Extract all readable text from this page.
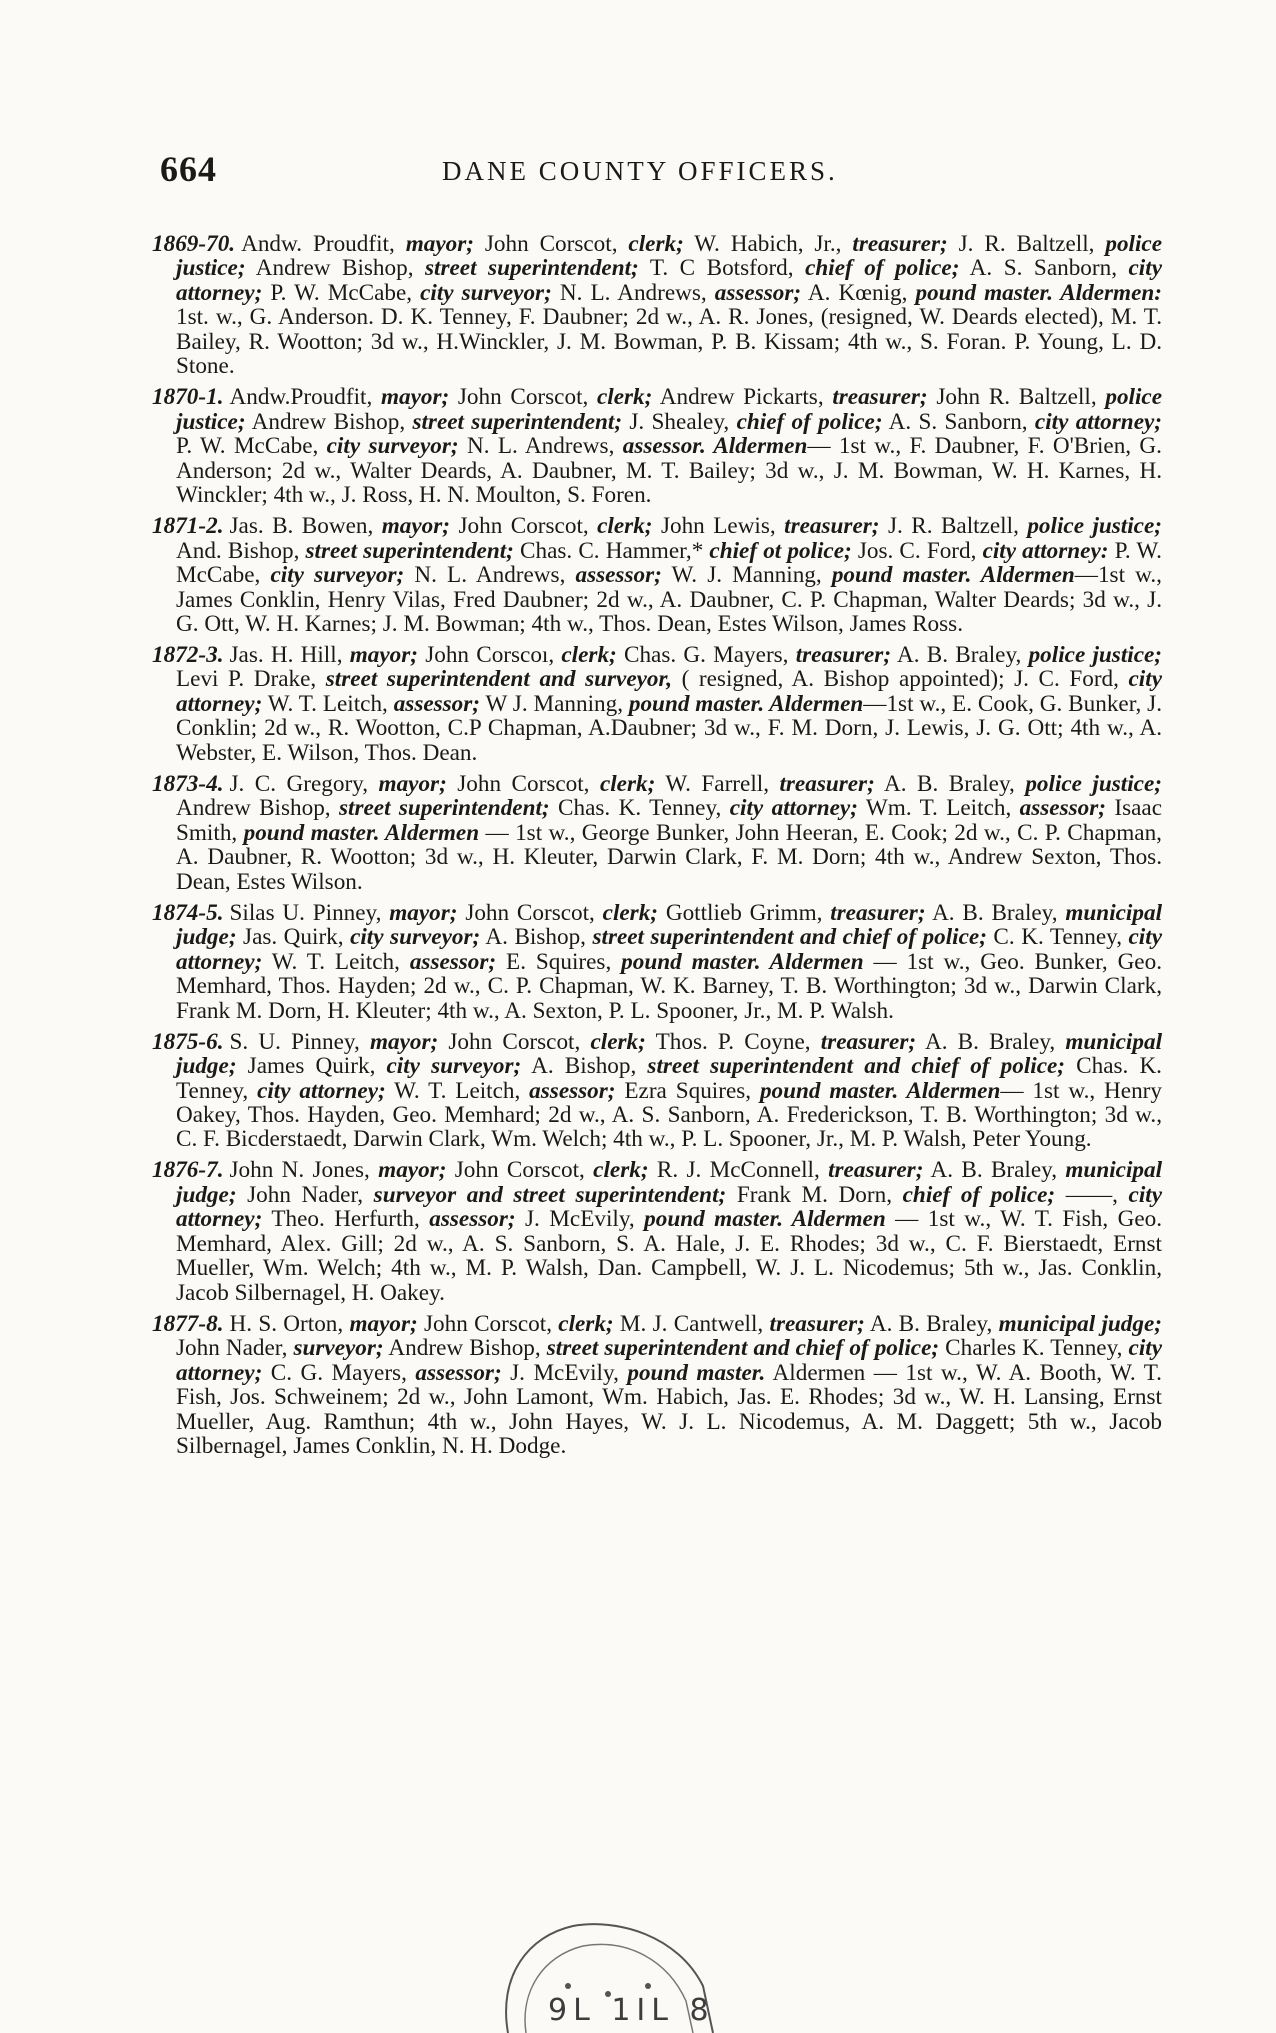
664	DANE COUNTY OFFICERS.

1869-70. Andw. Proudfit, mayor; John Corscot, clerk; W. Habich, Jr., treasurer; J. R. Baltzell, police justice; Andrew Bishop, street superintendent; T. C Botsford, chief of police; A. S. Sanborn, city attorney; P. W. McCabe, city surveyor; N. L. Andrews, assessor; A. Kœnig, pound master. Aldermen: 1st. w., G. Anderson. D. K. Tenney, F. Daubner; 2d w., A. R. Jones, (resigned, W. Deards elected), M. T. Bailey, R. Wootton; 3d w., H.Winckler, J. M. Bowman, P. B. Kissam; 4th w., S. Foran. P. Young, L. D. Stone.

1870-1. Andw.Proudfit, mayor; John Corscot, clerk; Andrew Pickarts, treasurer; John R. Baltzell, police justice; Andrew Bishop, street superintendent; J. Shealey, chief of police; A. S. Sanborn, city attorney; P. W. McCabe, city surveyor; N. L. Andrews, assessor. Aldermen— 1st w., F. Daubner, F. O'Brien, G. Anderson; 2d w., Walter Deards, A. Daubner, M. T. Bailey; 3d w., J. M. Bowman, W. H. Karnes, H. Winckler; 4th w., J. Ross, H. N. Moulton, S. Foren.

1871-2. Jas. B. Bowen, mayor; John Corscot, clerk; John Lewis, treasurer; J. R. Baltzell, police justice; And. Bishop, street superintendent; Chas. C. Hammer,* chief ot police; Jos. C. Ford, city attorney: P. W. McCabe, city surveyor; N. L. Andrews, assessor; W. J. Manning, pound master. Aldermen—1st w., James Conklin, Henry Vilas, Fred Daubner; 2d w., A. Daubner, C. P. Chapman, Walter Deards; 3d w., J. G. Ott, W. H. Karnes; J. M. Bowman; 4th w., Thos. Dean, Estes Wilson, James Ross.

1872-3. Jas. H. Hill, mayor; John Corscoı, clerk; Chas. G. Mayers, treasurer; A. B. Braley, police justice; Levi P. Drake, street superintendent and surveyor, ( resigned, A. Bishop appointed); J. C. Ford, city attorney; W. T. Leitch, assessor; W J. Manning, pound master. Aldermen—1st w., E. Cook, G. Bunker, J. Conklin; 2d w., R. Wootton, C.P Chapman, A.Daubner; 3d w., F. M. Dorn, J. Lewis, J. G. Ott; 4th w., A. Webster, E. Wilson, Thos. Dean.

1873-4. J. C. Gregory, mayor; John Corscot, clerk; W. Farrell, treasurer; A. B. Braley, police justice; Andrew Bishop, street superintendent; Chas. K. Tenney, city attorney; Wm. T. Leitch, assessor; Isaac Smith, pound master. Aldermen — 1st w., George Bunker, John Heeran, E. Cook; 2d w., C. P. Chapman, A. Daubner, R. Wootton; 3d w., H. Kleuter, Darwin Clark, F. M. Dorn; 4th w., Andrew Sexton, Thos. Dean, Estes Wilson.

1874-5. Silas U. Pinney, mayor; John Corscot, clerk; Gottlieb Grimm, treasurer; A. B. Braley, municipal judge; Jas. Quirk, city surveyor; A. Bishop, street superintendent and chief of police; C. K. Tenney, city attorney; W. T. Leitch, assessor; E. Squires, pound master. Aldermen — 1st w., Geo. Bunker, Geo. Memhard, Thos. Hayden; 2d w., C. P. Chapman, W. K. Barney, T. B. Worthington; 3d w., Darwin Clark, Frank M. Dorn, H. Kleuter; 4th w., A. Sexton, P. L. Spooner, Jr., M. P. Walsh.

1875-6. S. U. Pinney, mayor; John Corscot, clerk; Thos. P. Coyne, treasurer; A. B. Braley, municipal judge; James Quirk, city surveyor; A. Bishop, street superintendent and chief of police; Chas. K. Tenney, city attorney; W. T. Leitch, assessor; Ezra Squires, pound master. Aldermen— 1st w., Henry Oakey, Thos. Hayden, Geo. Memhard; 2d w., A. S. Sanborn, A. Frederickson, T. B. Worthington; 3d w., C. F. Bicderstaedt, Darwin Clark, Wm. Welch; 4th w., P. L. Spooner, Jr., M. P. Walsh, Peter Young.

1876-7. John N. Jones, mayor; John Corscot, clerk; R. J. McConnell, treasurer; A. B. Braley, municipal judge; John Nader, surveyor and street superintendent; Frank M. Dorn, chief of police; ——, city attorney; Theo. Herfurth, assessor; J. McEvily, pound master. Aldermen — 1st w., W. T. Fish, Geo. Memhard, Alex. Gill; 2d w., A. S. Sanborn, S. A. Hale, J. E. Rhodes; 3d w., C. F. Bierstaedt, Ernst Mueller, Wm. Welch; 4th w., M. P. Walsh, Dan. Campbell, W. J. L. Nicodemus; 5th w., Jas. Conklin, Jacob Silbernagel, H. Oakey.

1877-8. H. S. Orton, mayor; John Corscot, clerk; M. J. Cantwell, treasurer; A. B. Braley, municipal judge; John Nader, surveyor; Andrew Bishop, street superintendent and chief of police; Charles K. Tenney, city attorney; C. G. Mayers, assessor; J. McEvily, pound master. Aldermen — 1st w., W. A. Booth, W. T. Fish, Jos. Schweinem; 2d w., John Lamont, Wm. Habich, Jas. E. Rhodes; 3d w., W. H. Lansing, Ernst Mueller, Aug. Ramthun; 4th w., John Hayes, W. J. L. Nicodemus, A. M. Daggett; 5th w., Jacob Silbernagel, James Conklin, N. H. Dodge.

9L 1IL 8
